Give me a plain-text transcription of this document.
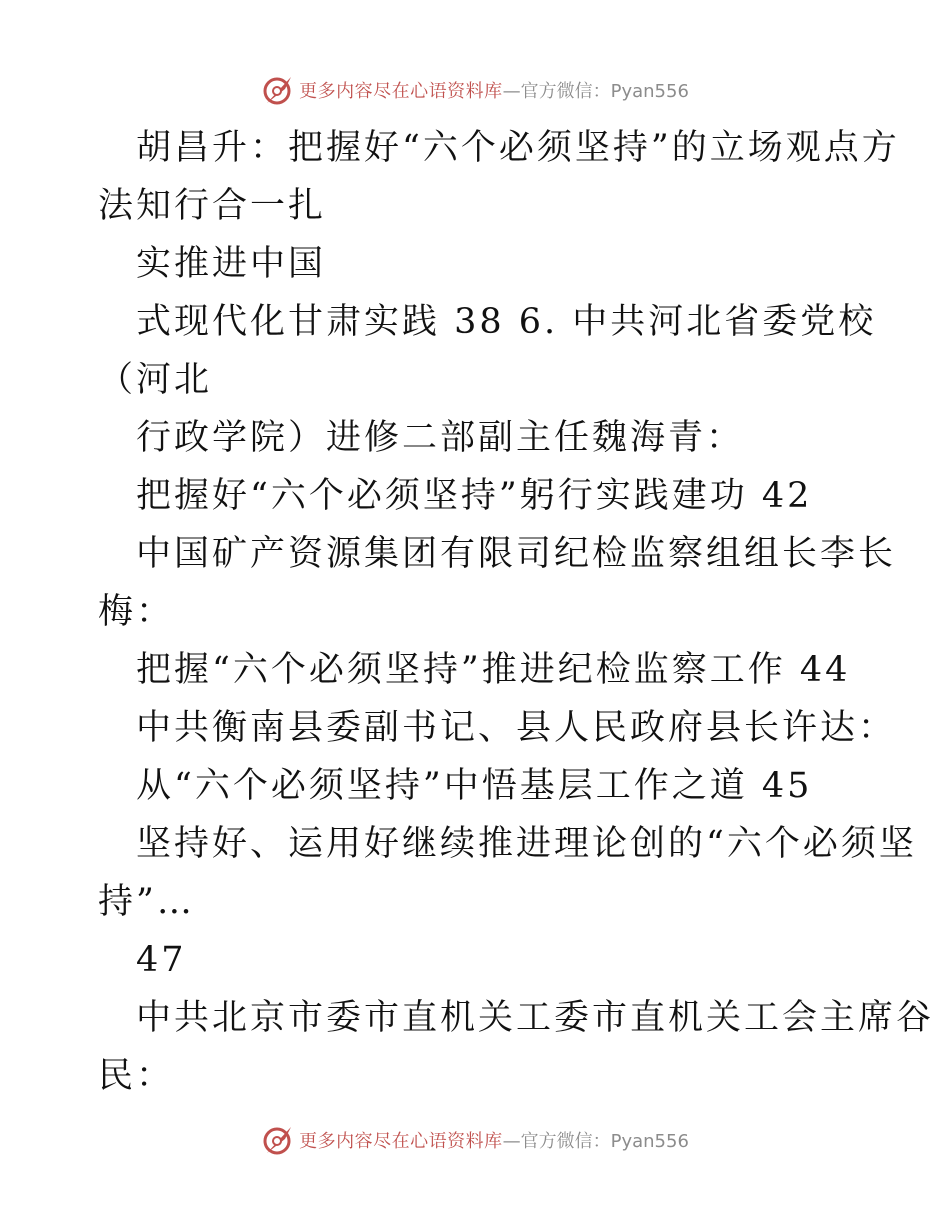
更多内容尽在心语资料库 —官方微信：Pyan556
胡昌升：把握好“六个必须坚持”的立场观点方
法知行合一扎
实推进中国
式现代化甘肃实践 38 6. 中共河北省委党校
（河北
行政学院）进修二部副主任魏海青：
把握好“六个必须坚持”躬行实践建功 42
中国矿产资源集团有限司纪检监察组组长李长
梅：
把握“六个必须坚持”推进纪检监察工作 44
中共衡南县委副书记、县人民政府县长许达：
从“六个必须坚持”中悟基层工作之道 45
坚持好、运用好继续推进理论创的“六个必须坚
持”…
47
中共北京市委市直机关工委市直机关工会主席谷
民：
更多内容尽在心语资料库 —官方微信：Pyan556
